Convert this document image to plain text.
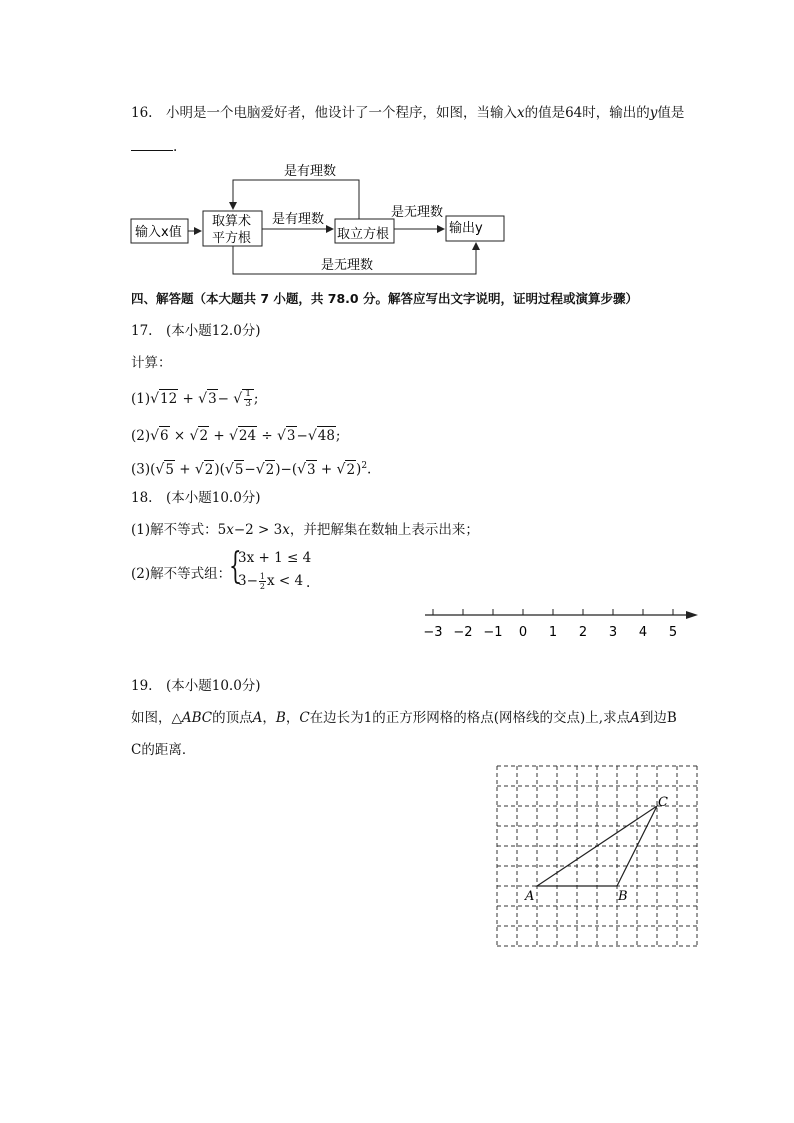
16.　小明是一个电脑爱好者，他设计了一个程序，如图，当输入x的值是64时，输出的y值是
.
输入x值
取算术
平方根	取立方根	输出y
是有理数
是有理数	是无理数
是无理数
四、解答题（本大题共 7 小题，共 78.0 分。解答应写出文字说明，证明过程或演算步骤）
17.　(本小题12.0分)
计算：
(1)√12 + √3− √ $\frac{1}{3}$ ;
(2)√6 × √2 + √24 ÷ √3−√48;
$(3)(√5 + √2)(√5-√2)-(√3 + √2)^2$.
18.　(本小题10.0分)
(1)解不等式：5x−2 > 3x，并把解集在数轴上表示出来；
(2)解不等式组：
{
3x + 1 ≤ 4
$3- \frac{1}{2}$ x < 4 .
−3 −2 −1 0 1 2 3 4 5
19.　(本小题10.0分)
如图，△ABC的顶点A，B，C在边长为1的正方形网格的格点(网格线的交点)上,求点A到边B
C的距离．
A	B
C
